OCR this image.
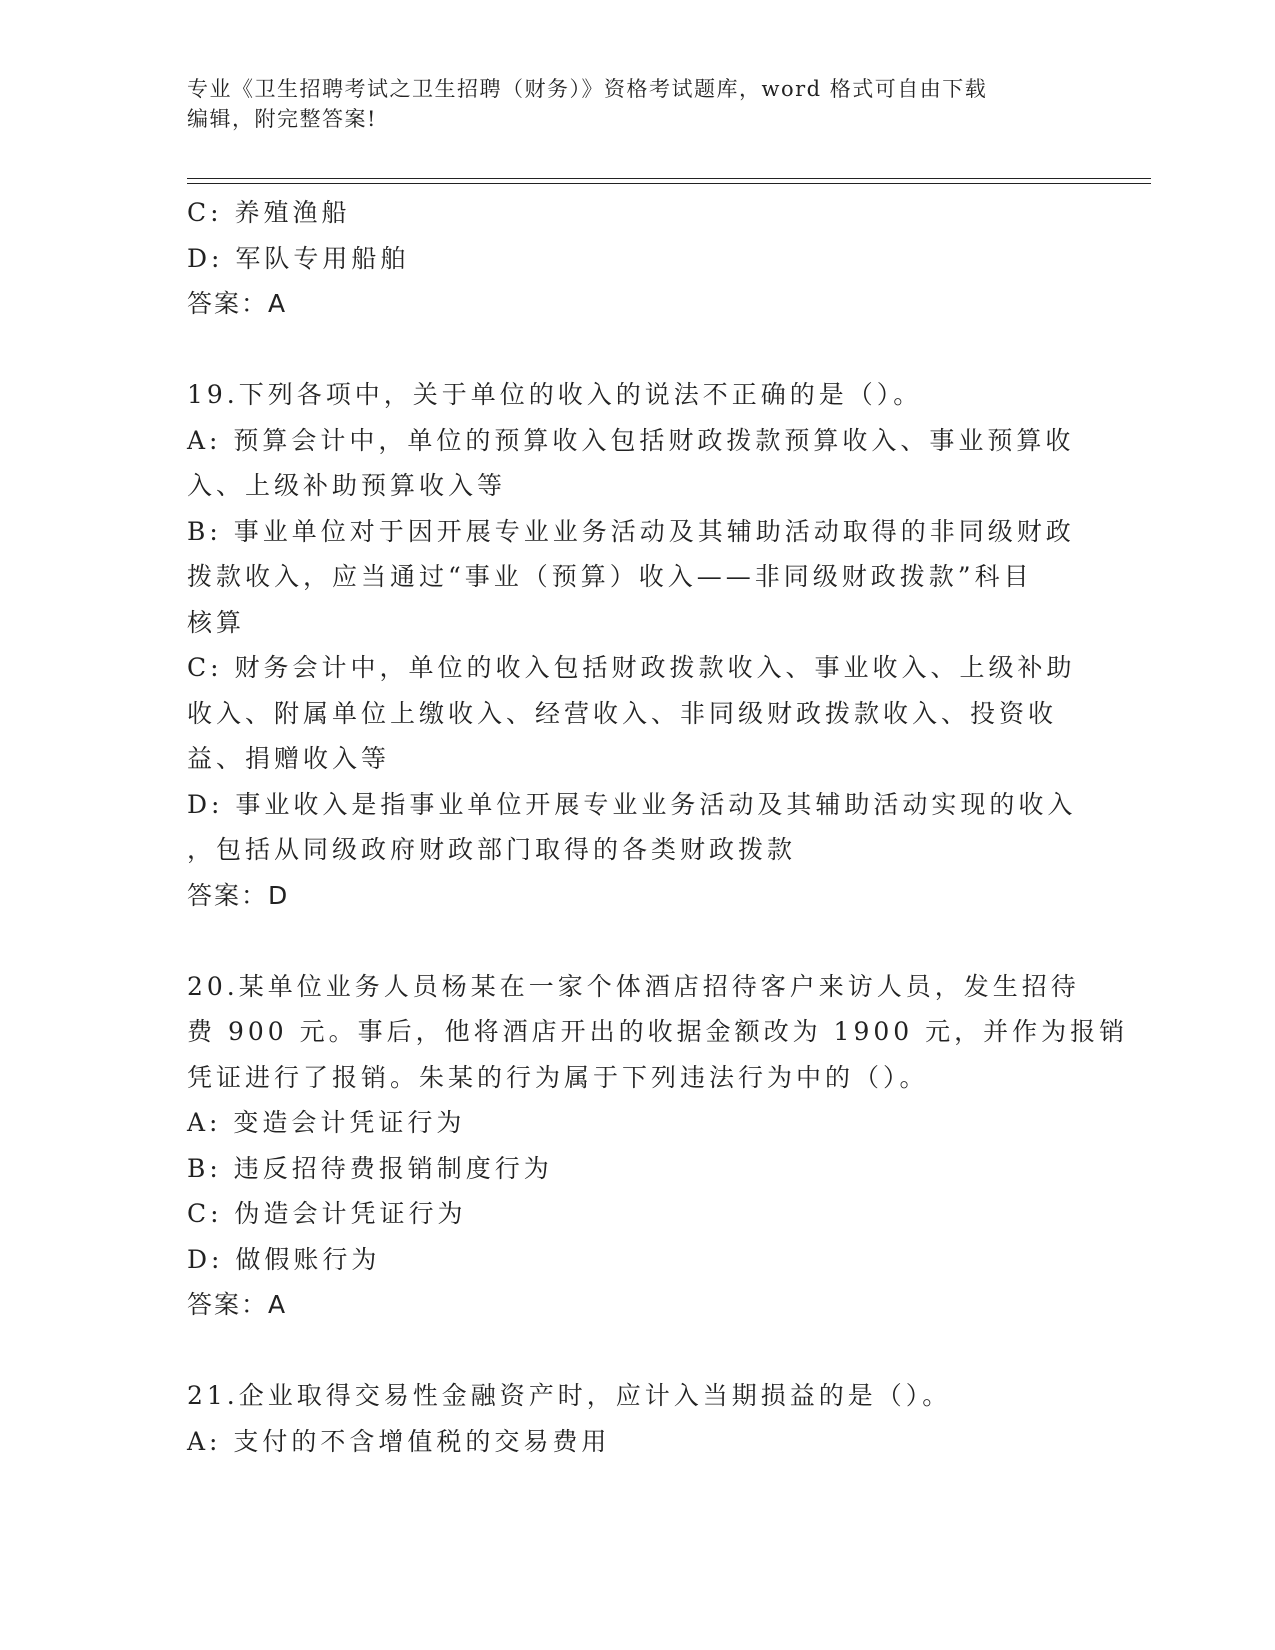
专业《卫生招聘考试之卫生招聘（财务）》资格考试题库，word 格式可自由下载
编辑，附完整答案!
C: 养殖渔船
D: 军队专用船舶
答案：A
19.下列各项中，关于单位的收入的说法不正确的是（）。
A: 预算会计中，单位的预算收入包括财政拨款预算收入、事业预算收
入、上级补助预算收入等
B: 事业单位对于因开展专业业务活动及其辅助活动取得的非同级财政
拨款收入，应当通过“事业（预算）收入——非同级财政拨款”科目
核算
C: 财务会计中，单位的收入包括财政拨款收入、事业收入、上级补助
收入、附属单位上缴收入、经营收入、非同级财政拨款收入、投资收
益、捐赠收入等
D: 事业收入是指事业单位开展专业业务活动及其辅助活动实现的收入
，包括从同级政府财政部门取得的各类财政拨款
答案：D
20.某单位业务人员杨某在一家个体酒店招待客户来访人员，发生招待
费 900 元。事后，他将酒店开出的收据金额改为 1900 元，并作为报销
凭证进行了报销。朱某的行为属于下列违法行为中的（）。
A: 变造会计凭证行为
B: 违反招待费报销制度行为
C: 伪造会计凭证行为
D: 做假账行为
答案：A
21.企业取得交易性金融资产时，应计入当期损益的是（）。
A: 支付的不含增值税的交易费用
